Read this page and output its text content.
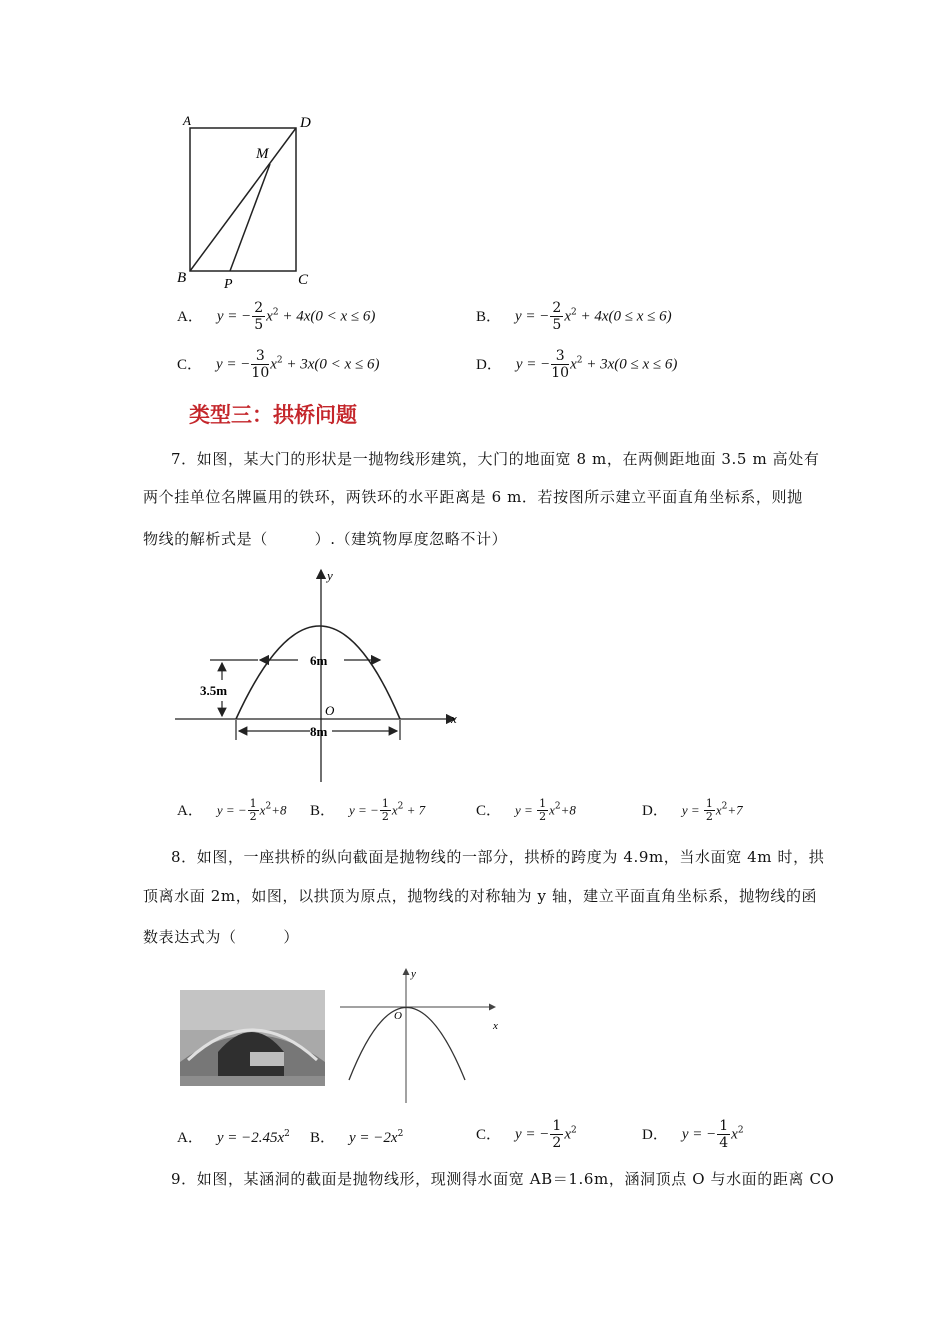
A	D
M
B	P	C
A． y = − $\frac{2}{5} x^2 + 4x(0 < x \le 6)$	B． y = − $\frac{2}{5} x^2 + 4x(0 \le x \le 6)$
C． y = − $\frac{3}{10} x^2 + 3x(0 < x \le 6)$	D． y = − $\frac{3}{10} x^2 + 3x(0 \le x \le 6)$
类型三：拱桥问题
7．如图，某大门的形状是一抛物线形建筑，大门的地面宽 8 m，在两侧距地面 3.5 m 高处有
两个挂单位名牌匾用的铁环，两铁环的水平距离是 6 m．若按图所示建立平面直角坐标系，则抛
物线的解析式是（　　　）.（建筑物厚度忽略不计）
y
x
O
6m
3.5m
8m
A． y = − $\frac{1}{2} x^2+8$ B． y = − $\frac{1}{2} x^2 + 7$	C． $y = \frac{1}{2} x^2+8$	D． $y = \frac{1}{2} x^2+7$
8．如图，一座拱桥的纵向截面是抛物线的一部分，拱桥的跨度为 4.9m，当水面宽 4m 时，拱
顶离水面 2m，如图，以拱顶为原点，抛物线的对称轴为 y 轴，建立平面直角坐标系，抛物线的函
数表达式为（　　　）
y
x
O
A． $y = -2.45x^2$ B． $y = -2x^2$	C． y = − $\frac{1}{2} x^2$	D． y = − $\frac{1}{4} x^2$
9．如图，某涵洞的截面是抛物线形，现测得水面宽 AB＝1.6m，涵洞顶点 O 与水面的距离 CO
